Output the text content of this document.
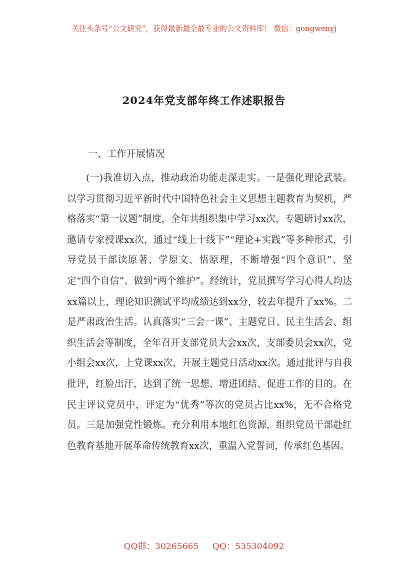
关注头条号“公文研究”，获得最新最全最专业的公文资料库！ 微信：gongwenyj
2024年党支部年终工作述职报告
一、工作开展情况

(一)我准切入点，推动政治功能走深走实。一是强化理论武装。以学习贯彻习近平新时代中国特色社会主义思想主题教育为契机，严格落实“第一议题”制度，全年共组织集中学习xx次，专题研讨xx次，邀请专家授课xx次，通过“线上十线下”“理论+实践”等多种形式，引导党员干部读原著、学原文、悟原理，不断增强“四个意识”、坚定“四个自信”、做到“两个维护”。经统计，党员撰写学习心得人均达xx篇以上，理论知识测试平均成绩达到xx分，较去年提升了xx%。二是严肃政治生活。认真落实“三会一课”、主题党日、民主生活会、组织生活会等制度，全年召开支部党员大会xx次，支部委员会xx次，党小组会xx次，上党课xx次，开展主题党日活动xx次。通过批评与自我批评，红脸出汗，达到了统一思想、增进团结、促进工作的目的。在民主评议党员中，评定为“优秀”等次的党员占比xx%，无不合格党员。三是加强党性锻炼。充分利用本地红色资源，组织党员干部赴红色教育基地开展革命传统教育xx次，重温入党誓词，传承红色基因。

QQ群：30265665     QQ：535304092
